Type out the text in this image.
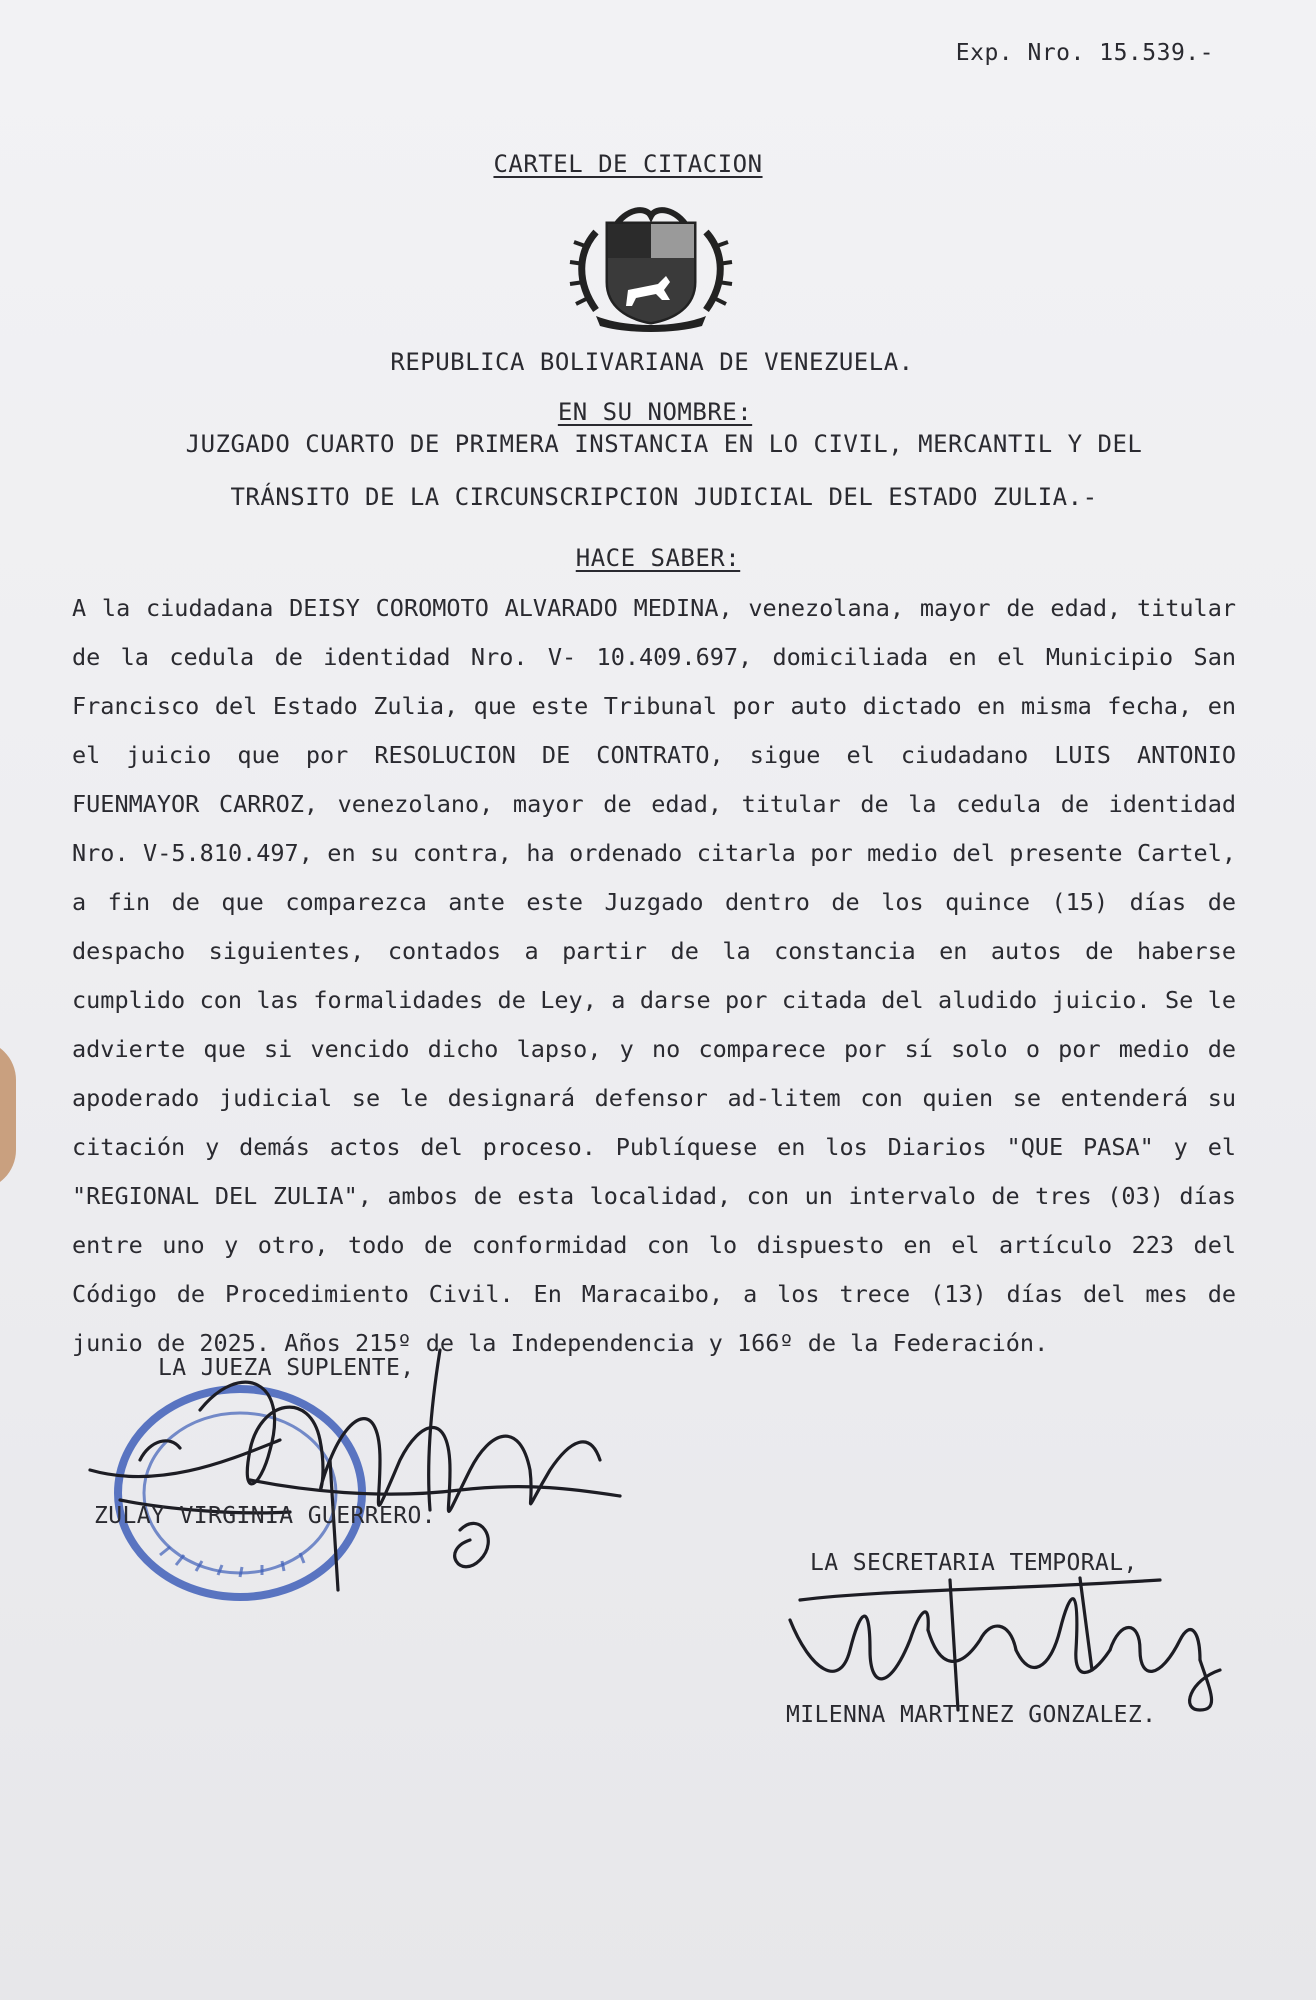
Exp. Nro. 15.539.-
CARTEL DE CITACION
REPUBLICA BOLIVARIANA DE VENEZUELA.
EN SU NOMBRE:
JUZGADO CUARTO DE PRIMERA INSTANCIA EN LO CIVIL, MERCANTIL Y DEL
TRÁNSITO DE LA CIRCUNSCRIPCION JUDICIAL DEL ESTADO ZULIA.-
HACE SABER:
A la ciudadana DEISY COROMOTO ALVARADO MEDINA, venezolana, mayor de edad, titular de la cedula de identidad Nro. V- 10.409.697, domiciliada en el Municipio San Francisco del Estado Zulia, que este Tribunal por auto dictado en misma fecha, en el juicio que por RESOLUCION DE CONTRATO, sigue el ciudadano LUIS ANTONIO FUENMAYOR CARROZ, venezolano, mayor de edad, titular de la cedula de identidad Nro. V-5.810.497, en su contra, ha ordenado citarla por medio del presente Cartel, a fin de que comparezca ante este Juzgado dentro de los quince (15) días de despacho siguientes, contados a partir de la constancia en autos de haberse cumplido con las formalidades de Ley, a darse por citada del aludido juicio. Se le advierte que si vencido dicho lapso, y no comparece por sí solo o por medio de apoderado judicial se le designará defensor ad-litem con quien se entenderá su citación y demás actos del proceso. Publíquese en los Diarios "QUE PASA" y el "REGIONAL DEL ZULIA", ambos de esta localidad, con un intervalo de tres (03) días entre uno y otro, todo de conformidad con lo dispuesto en el artículo 223 del Código de Procedimiento Civil. En Maracaibo, a los trece (13) días del mes de junio de 2025. Años 215º de la Independencia y 166º de la Federación.
LA JUEZA SUPLENTE,
ZULAY VIRGINIA GUERRERO.
LA SECRETARIA TEMPORAL,
MILENNA MARTINEZ GONZALEZ.
